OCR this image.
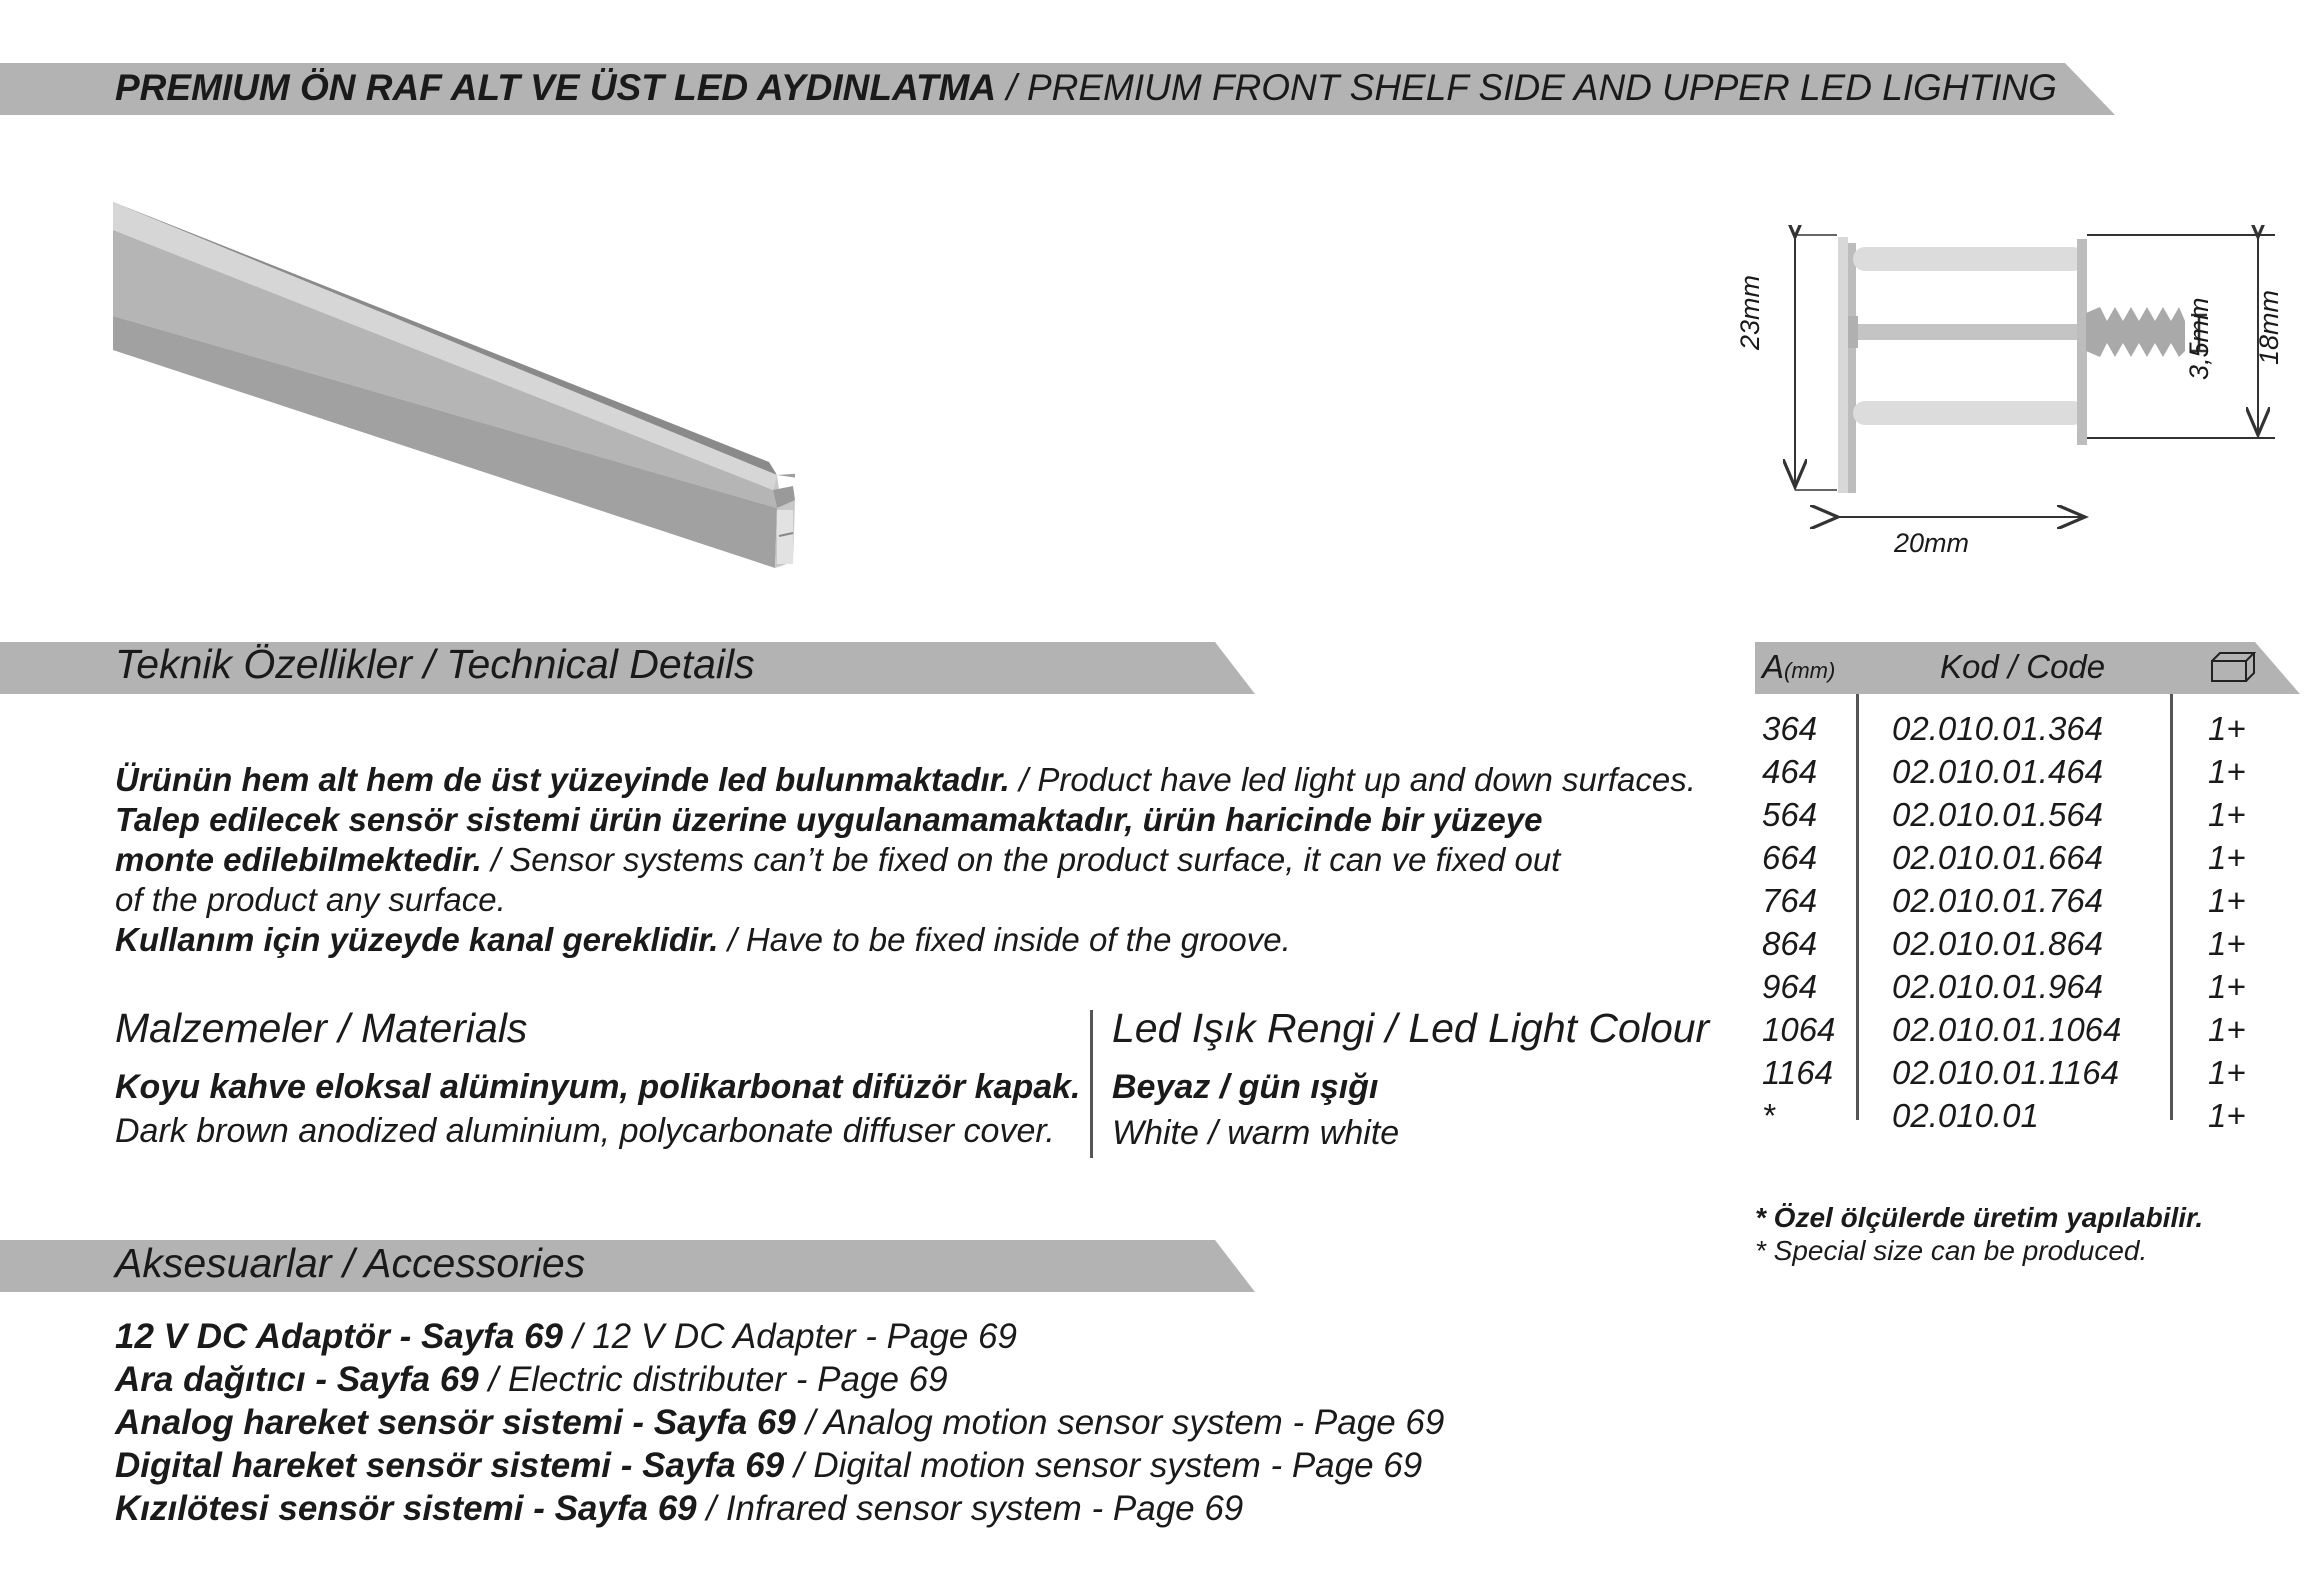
PREMIUM ÖN RAF ALT VE ÜST LED AYDINLATMA / PREMIUM FRONT SHELF SIDE AND UPPER LED LIGHTING
23mm	3,5mm 18mm
20mm
Teknik Özellikler / Technical Details
Ürünün hem alt hem de üst yüzeyinde led bulunmaktadır. / Product have led light up and down surfaces.
Talep edilecek sensör sistemi ürün üzerine uygulanamamaktadır, ürün haricinde bir yüzeye
monte edilebilmektedir. / Sensor systems can’t be fixed on the product surface, it can ve fixed out
of the product any surface.
Kullanım için yüzeyde kanal gereklidir. / Have to be fixed inside of the groove.
Malzemeler / Materials
Koyu kahve eloksal alüminyum, polikarbonat difüzör kapak.
Dark brown anodized aluminium, polycarbonate diffuser cover.
Led Işık Rengi / Led Light Colour
Beyaz / gün ışığı
White / warm white
A(mm)	Kod / Code
364 02.010.01.364	1+
464 02.010.01.464	1+
564 02.010.01.564	1+
664 02.010.01.664	1+
764 02.010.01.764	1+
864 02.010.01.864	1+
964 02.010.01.964	1+
1064 02.010.01.1064	1+
1164 02.010.01.1164	1+
*	02.010.01	1+
* Özel ölçülerde üretim yapılabilir.
* Special size can be produced.
Aksesuarlar / Accessories
12 V DC Adaptör - Sayfa 69 / 12 V DC Adapter - Page 69
Ara dağıtıcı - Sayfa 69 / Electric distributer - Page 69
Analog hareket sensör sistemi - Sayfa 69 / Analog motion sensor system - Page 69
Digital hareket sensör sistemi - Sayfa 69 / Digital motion sensor system - Page 69
Kızılötesi sensör sistemi - Sayfa 69 / Infrared sensor system - Page 69
